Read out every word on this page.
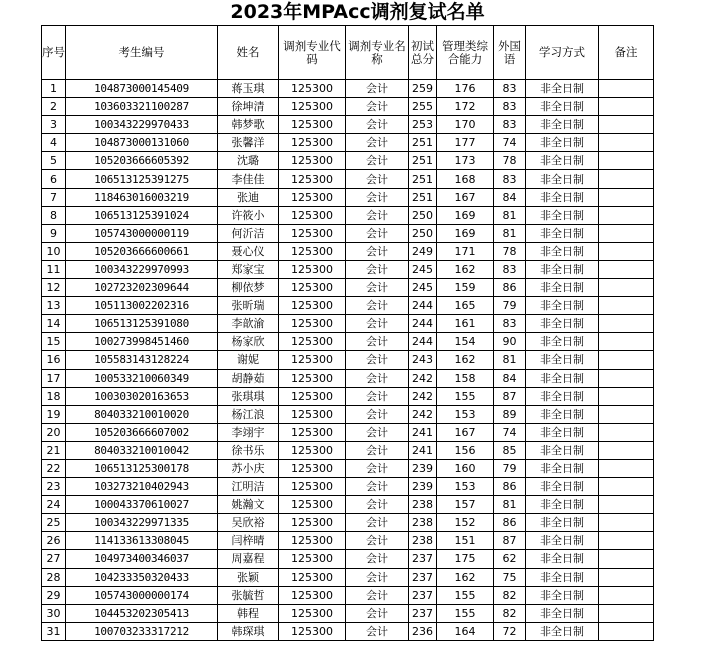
2023年MPAcc调剂复试名单
序号	考生编号	姓名	调剂专业代码	调剂专业名称	初试总分	管理类综合能力	外国语	学习方式	备注
1	104873000145409	蒋玉琪	125300	会计	259	176	83	非全日制	
2	103603321100287	徐坤清	125300	会计	255	172	83	非全日制	
3	100343229970433	韩梦歌	125300	会计	253	170	83	非全日制	
4	104873000131060	张馨洋	125300	会计	251	177	74	非全日制	
5	105203666605392	沈璐	125300	会计	251	173	78	非全日制	
6	106513125391275	李佳佳	125300	会计	251	168	83	非全日制	
7	118463016003219	张迪	125300	会计	251	167	84	非全日制	
8	106513125391024	许筱小	125300	会计	250	169	81	非全日制	
9	105743000000119	何沂洁	125300	会计	250	169	81	非全日制	
10	105203666600661	聂心仪	125300	会计	249	171	78	非全日制	
11	100343229970993	郑家宝	125300	会计	245	162	83	非全日制	
12	102723202309644	柳依梦	125300	会计	245	159	86	非全日制	
13	105113002202316	张昕瑞	125300	会计	244	165	79	非全日制	
14	106513125391080	李歆渝	125300	会计	244	161	83	非全日制	
15	100273998451460	杨家欣	125300	会计	244	154	90	非全日制	
16	105583143128224	谢妮	125300	会计	243	162	81	非全日制	
17	100533210060349	胡静茹	125300	会计	242	158	84	非全日制	
18	100303020163653	张琪琪	125300	会计	242	155	87	非全日制	
19	804033210010020	杨江浪	125300	会计	242	153	89	非全日制	
20	105203666607002	李翊宇	125300	会计	241	167	74	非全日制	
21	804033210010042	徐书乐	125300	会计	241	156	85	非全日制	
22	106513125300178	苏小庆	125300	会计	239	160	79	非全日制	
23	103273210402943	江明洁	125300	会计	239	153	86	非全日制	
24	100043370610027	姚瀚文	125300	会计	238	157	81	非全日制	
25	100343229971335	吴欣裕	125300	会计	238	152	86	非全日制	
26	114133613308045	闫梓晴	125300	会计	238	151	87	非全日制	
27	104973400346037	周嘉程	125300	会计	237	175	62	非全日制	
28	104233350320433	张颖	125300	会计	237	162	75	非全日制	
29	105743000000174	张毓哲	125300	会计	237	155	82	非全日制	
30	104453202305413	韩程	125300	会计	237	155	82	非全日制	
31	100703233317212	韩琛琪	125300	会计	236	164	72	非全日制	
